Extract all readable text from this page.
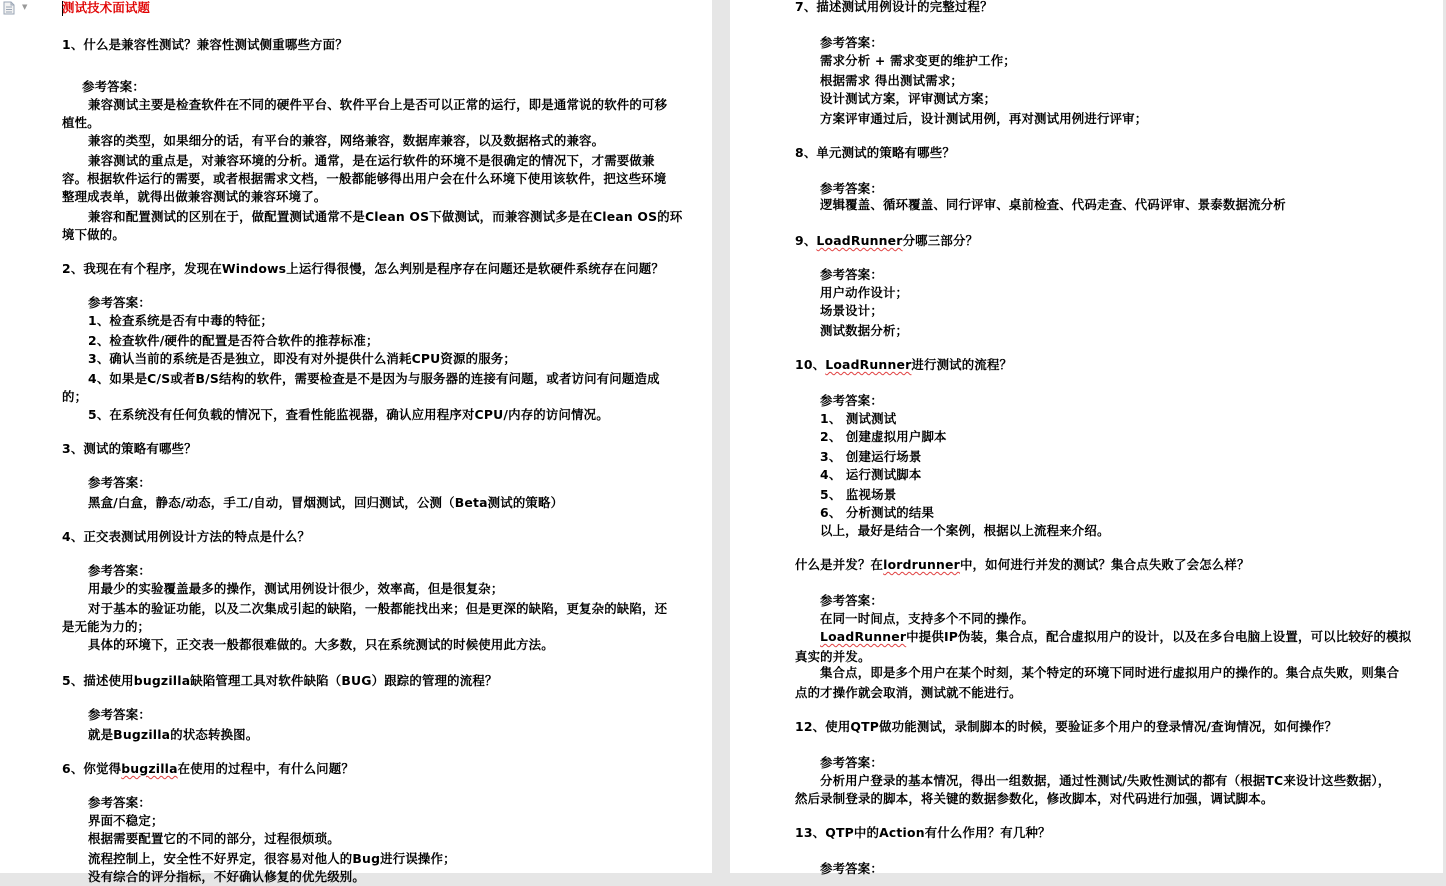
▼	测试技术面试题
1、什么是兼容性测试？兼容性测试侧重哪些方面？
参考答案：
兼容测试主要是检查软件在不同的硬件平台、软件平台上是否可以正常的运行，即是通常说的软件的可移
植性。
兼容的类型，如果细分的话，有平台的兼容，网络兼容，数据库兼容，以及数据格式的兼容。
兼容测试的重点是，对兼容环境的分析。通常，是在运行软件的环境不是很确定的情况下，才需要做兼
容。根据软件运行的需要，或者根据需求文档，一般都能够得出用户会在什么环境下使用该软件，把这些环境
整理成表单，就得出做兼容测试的兼容环境了。
兼容和配置测试的区别在于，做配置测试通常不是Clean OS下做测试，而兼容测试多是在Clean OS的环
境下做的。
2、我现在有个程序，发现在Windows上运行得很慢，怎么判别是程序存在问题还是软硬件系统存在问题？
参考答案：
1、检查系统是否有中毒的特征；
2、检查软件/硬件的配置是否符合软件的推荐标准；
3、确认当前的系统是否是独立，即没有对外提供什么消耗CPU资源的服务；
4、如果是C/S或者B/S结构的软件，需要检查是不是因为与服务器的连接有问题，或者访问有问题造成
的；
5、在系统没有任何负载的情况下，查看性能监视器，确认应用程序对CPU/内存的访问情况。
3、测试的策略有哪些？
参考答案：
黑盒/白盒，静态/动态，手工/自动，冒烟测试，回归测试，公测（Beta测试的策略）
4、正交表测试用例设计方法的特点是什么？
参考答案：
用最少的实验覆盖最多的操作，测试用例设计很少，效率高，但是很复杂；
对于基本的验证功能，以及二次集成引起的缺陷，一般都能找出来；但是更深的缺陷，更复杂的缺陷，还
是无能为力的；
具体的环境下，正交表一般都很难做的。大多数，只在系统测试的时候使用此方法。
5、描述使用bugzilla缺陷管理工具对软件缺陷（BUG）跟踪的管理的流程？
参考答案：
就是Bugzilla的状态转换图。
6、你觉得bugzilla在使用的过程中，有什么问题？
参考答案：
界面不稳定；
根据需要配置它的不同的部分，过程很烦琐。
流程控制上，安全性不好界定，很容易对他人的Bug进行误操作；
没有综合的评分指标，不好确认修复的优先级别。
7、描述测试用例设计的完整过程？
参考答案：
需求分析 + 需求变更的维护工作；
根据需求 得出测试需求；
设计测试方案，评审测试方案；
方案评审通过后，设计测试用例，再对测试用例进行评审；
8、单元测试的策略有哪些？
参考答案：
逻辑覆盖、循环覆盖、同行评审、桌前检查、代码走查、代码评审、景泰数据流分析
9、LoadRunner分哪三部分？
参考答案：
用户动作设计；
场景设计；
测试数据分析；
10、LoadRunner进行测试的流程？
参考答案：
1、 测试测试
2、 创建虚拟用户脚本
3、 创建运行场景
4、 运行测试脚本
5、 监视场景
6、 分析测试的结果
以上，最好是结合一个案例，根据以上流程来介绍。
什么是并发？在lordrunner中，如何进行并发的测试？集合点失败了会怎么样？
参考答案：
在同一时间点，支持多个不同的操作。
LoadRunner中提供IP伪装，集合点，配合虚拟用户的设计，以及在多台电脑上设置，可以比较好的模拟
真实的并发。
集合点，即是多个用户在某个时刻，某个特定的环境下同时进行虚拟用户的操作的。集合点失败，则集合
点的才操作就会取消，测试就不能进行。
12、使用QTP做功能测试，录制脚本的时候，要验证多个用户的登录情况/查询情况，如何操作？
参考答案：
分析用户登录的基本情况，得出一组数据，通过性测试/失败性测试的都有（根据TC来设计这些数据），
然后录制登录的脚本，将关键的数据参数化，修改脚本，对代码进行加强，调试脚本。
13、QTP中的Action有什么作用？有几种？
参考答案：
